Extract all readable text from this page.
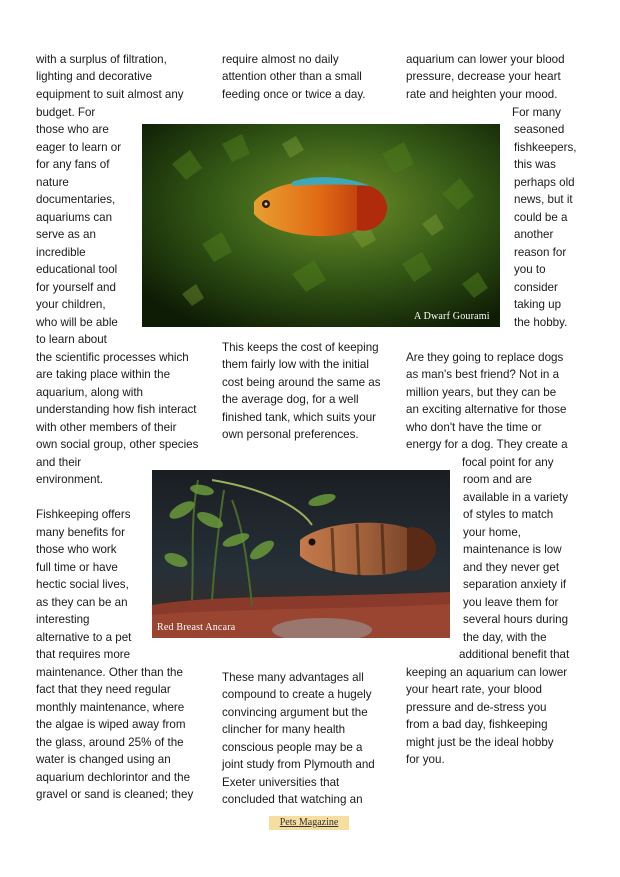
A Dwarf Gourami
Red Breast Ancara
with a surplus of filtration,
lighting and decorative
equipment to suit almost any
budget. For
those who are
eager to learn or
for any fans of
nature
documentaries,
aquariums can
serve as an
incredible
educational tool
for yourself and
your children,
who will be able
to learn about
the scientific processes which
are taking place within the
aquarium, along with
understanding how fish interact
with other members of their
own social group, other species
and their
environment.
Fishkeeping offers
many benefits for
those who work
full time or have
hectic social lives,
as they can be an
interesting
alternative to a pet
that requires more
maintenance. Other than the
fact that they need regular
monthly maintenance, where
the algae is wiped away from
the glass, around 25% of the
water is changed using an
aquarium dechlorintor and the
gravel or sand is cleaned; they
require almost no daily
attention other than a small
feeding once or twice a day.
This keeps the cost of keeping
them fairly low with the initial
cost being around the same as
the average dog, for a well
finished tank, which suits your
own personal preferences.
These many advantages all
compound to create a hugely
convincing argument but the
clincher for many health
conscious people may be a
joint study from Plymouth and
Exeter universities that
concluded that watching an
aquarium can lower your blood
pressure, decrease your heart
rate and heighten your mood.
For many
seasoned
fishkeepers,
this was
perhaps old
news, but it
could be a
another
reason for
you to
consider
taking up
the hobby.
Are they going to replace dogs
as man's best friend? Not in a
million years, but they can be
an exciting alternative for those
who don't have the time or
energy for a dog. They create a
focal point for any
room and are
available in a variety
of styles to match
your home,
maintenance is low
and they never get
separation anxiety if
you leave them for
several hours during
the day, with the
additional benefit that
keeping an aquarium can lower
your heart rate, your blood
pressure and de-stress you
from a bad day, fishkeeping
might just be the ideal hobby
for you.
Pets Magazine
